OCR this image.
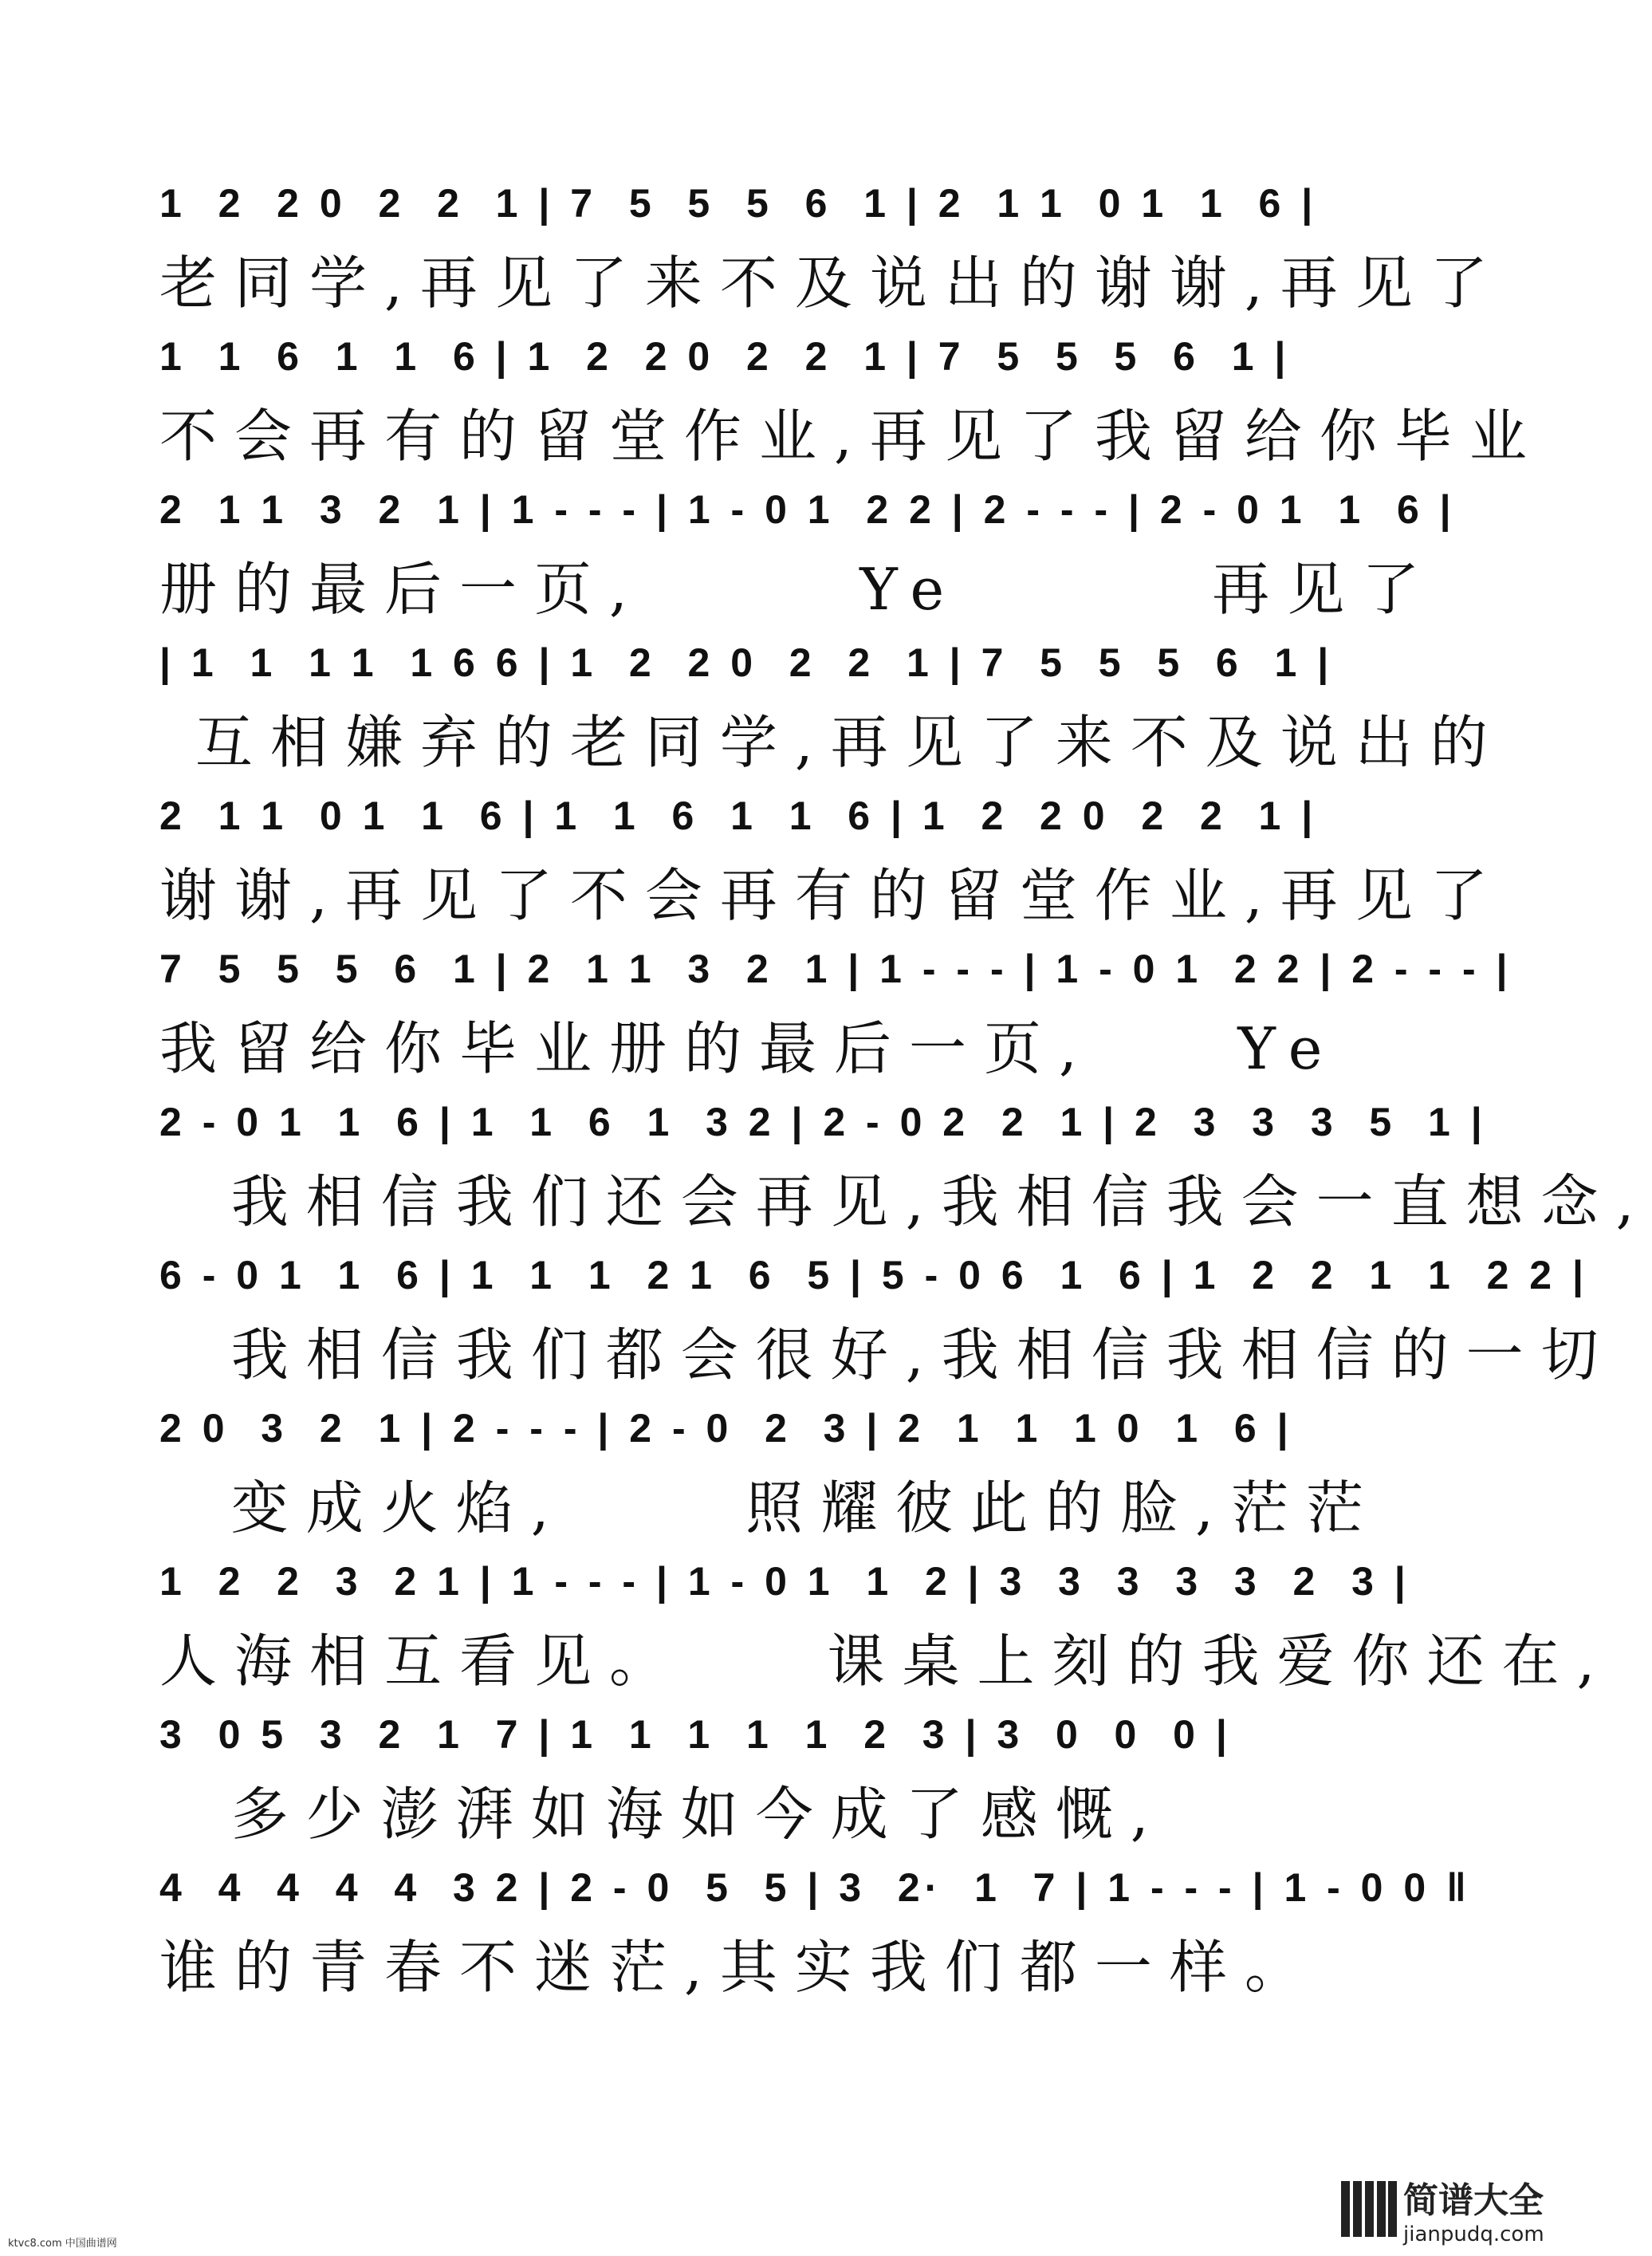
1  2  2 0  2  2  1 | 7  5  5  5  6  1 | 2  1 1  0 1  1  6 |
老同学,再见了来不及说出的谢谢,再见了
1  1  6  1  1  6 | 1  2  2 0  2  2  1 | 7  5  5  5  6  1 |
不会再有的留堂作业,再见了我留给你毕业
2  1 1  3  2  1 | 1 - - - | 1 - 0 1  2 2 | 2 - - - | 2 - 0 1  1  6 |
册的最后一页,      Ye       再见了
| 1  1  1 1  1 6 6 | 1  2  2 0  2  2  1 | 7  5  5  5  6  1 |
互相嫌弃的老同学,再见了来不及说出的
2  1 1  0 1  1  6 | 1  1  6  1  1  6 | 1  2  2 0  2  2  1 |
谢谢,再见了不会再有的留堂作业,再见了
7  5  5  5  6  1 | 2  1 1  3  2  1 | 1 - - - | 1 - 0 1  2 2 | 2 - - - |
我留给你毕业册的最后一页,    Ye
2 - 0 1  1  6 | 1  1  6  1  3 2 | 2 - 0 2  2  1 | 2  3  3  3  5  1 |
我相信我们还会再见,我相信我会一直想念,
6 - 0 1  1  6 | 1  1  1  2 1  6  5 | 5 - 0 6  1  6 | 1  2  2  1  1  2 2 |
我相信我们都会很好,我相信我相信的一切
2 0  3  2  1 | 2 - - - | 2 - 0  2  3 | 2  1  1  1 0  1  6 |
变成火焰,     照耀彼此的脸,茫茫
1  2  2  3  2 1 | 1 - - - | 1 - 0 1  1  2 | 3  3  3  3  3  2  3 |
人海相互看见。    课桌上刻的我爱你还在,
3  0 5  3  2  1  7 | 1  1  1  1  1  2  3 | 3  0  0  0 |
多少澎湃如海如今成了感慨,
4  4  4  4  4  3 2 | 2 - 0  5  5 | 3  2·  1  7 | 1 - - - | 1 - 0 0 ‖
谁的青春不迷茫,其实我们都一样。
ktvc8.com 中国曲谱网
简谱大全
jianpudq.com
